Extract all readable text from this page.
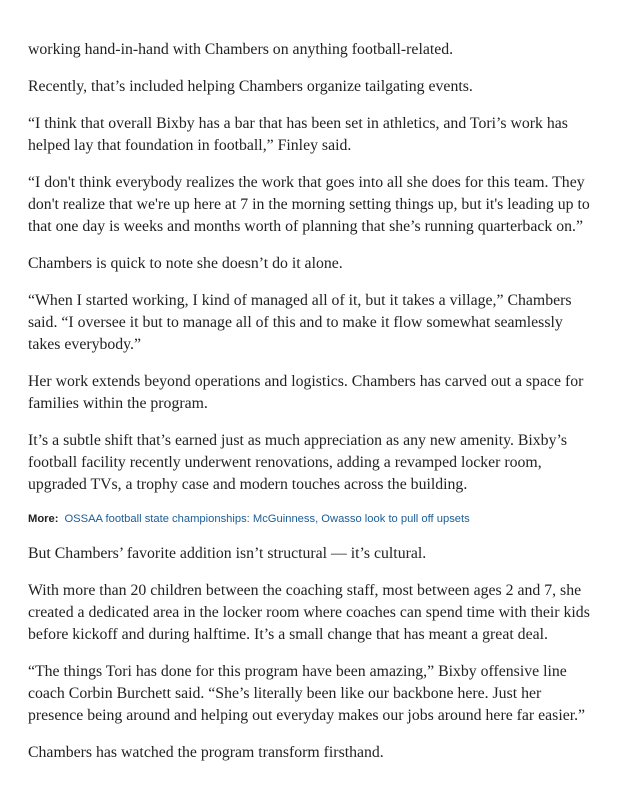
working hand-in-hand with Chambers on anything football-related.

Recently, that’s included helping Chambers organize tailgating events.

“I think that overall Bixby has a bar that has been set in athletics, and Tori’s work has helped lay that foundation in football,” Finley said.

“I don't think everybody realizes the work that goes into all she does for this team. They don't realize that we're up here at 7 in the morning setting things up, but it's leading up to that one day is weeks and months worth of planning that she’s running quarterback on.”

Chambers is quick to note she doesn’t do it alone.

“When I started working, I kind of managed all of it, but it takes a village,” Chambers said. “I oversee it but to manage all of this and to make it flow somewhat seamlessly takes everybody.”

Her work extends beyond operations and logistics. Chambers has carved out a space for families within the program.

It’s a subtle shift that’s earned just as much appreciation as any new amenity. Bixby’s football facility recently underwent renovations, adding a revamped locker room, upgraded TVs, a trophy case and modern touches across the building.

More: OSSAA football state championships: McGuinness, Owasso look to pull off upsets

But Chambers’ favorite addition isn’t structural — it’s cultural.

With more than 20 children between the coaching staff, most between ages 2 and 7, she created a dedicated area in the locker room where coaches can spend time with their kids before kickoff and during halftime. It’s a small change that has meant a great deal.

“The things Tori has done for this program have been amazing,” Bixby offensive line coach Corbin Burchett said. “She’s literally been like our backbone here. Just her presence being around and helping out everyday makes our jobs around here far easier.”

Chambers has watched the program transform firsthand.
